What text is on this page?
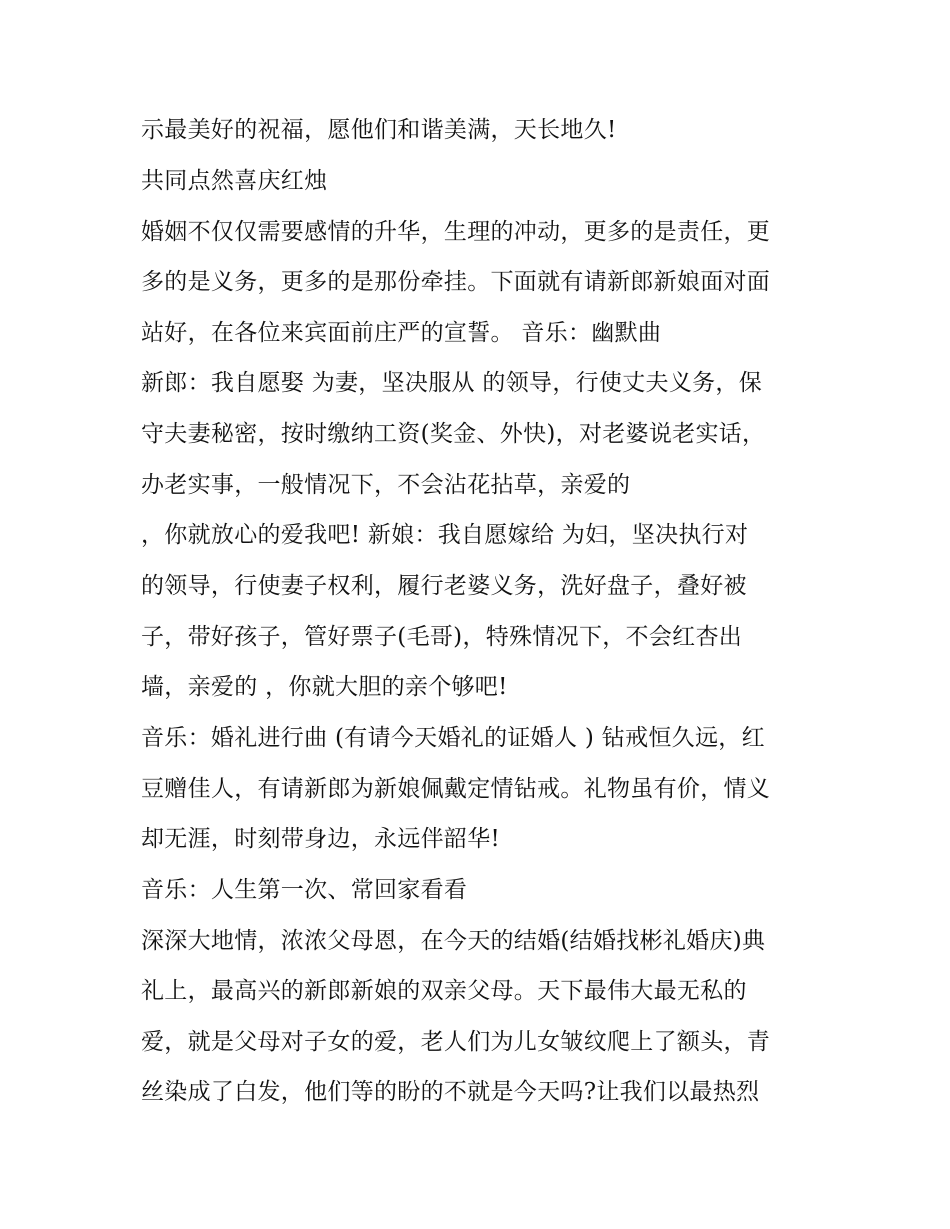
示最美好的祝福，愿他们和谐美满，天长地久!
共同点然喜庆红烛
婚姻不仅仅需要感情的升华，生理的冲动，更多的是责任，更
多的是义务，更多的是那份牵挂。下面就有请新郎新娘面对面
站好，在各位来宾面前庄严的宣誓。 音乐：幽默曲
新郎：我自愿娶 为妻，坚决服从 的领导，行使丈夫义务，保
守夫妻秘密，按时缴纳工资(奖金、外快)，对老婆说老实话，
办老实事，一般情况下，不会沾花拈草，亲爱的
，你就放心的爱我吧! 新娘：我自愿嫁给 为妇，坚决执行对
的领导，行使妻子权利，履行老婆义务，洗好盘子，叠好被
子，带好孩子，管好票子(毛哥)，特殊情况下，不会红杏出
墙，亲爱的 ，你就大胆的亲个够吧!
音乐：婚礼进行曲 (有请今天婚礼的证婚人 ) 钻戒恒久远，红
豆赠佳人，有请新郎为新娘佩戴定情钻戒。礼物虽有价，情义
却无涯，时刻带身边，永远伴韶华!
音乐：人生第一次、常回家看看
深深大地情，浓浓父母恩，在今天的结婚(结婚找彬礼婚庆)典
礼上，最高兴的新郎新娘的双亲父母。天下最伟大最无私的
爱，就是父母对子女的爱，老人们为儿女皱纹爬上了额头，青
丝染成了白发，他们等的盼的不就是今天吗?让我们以最热烈
